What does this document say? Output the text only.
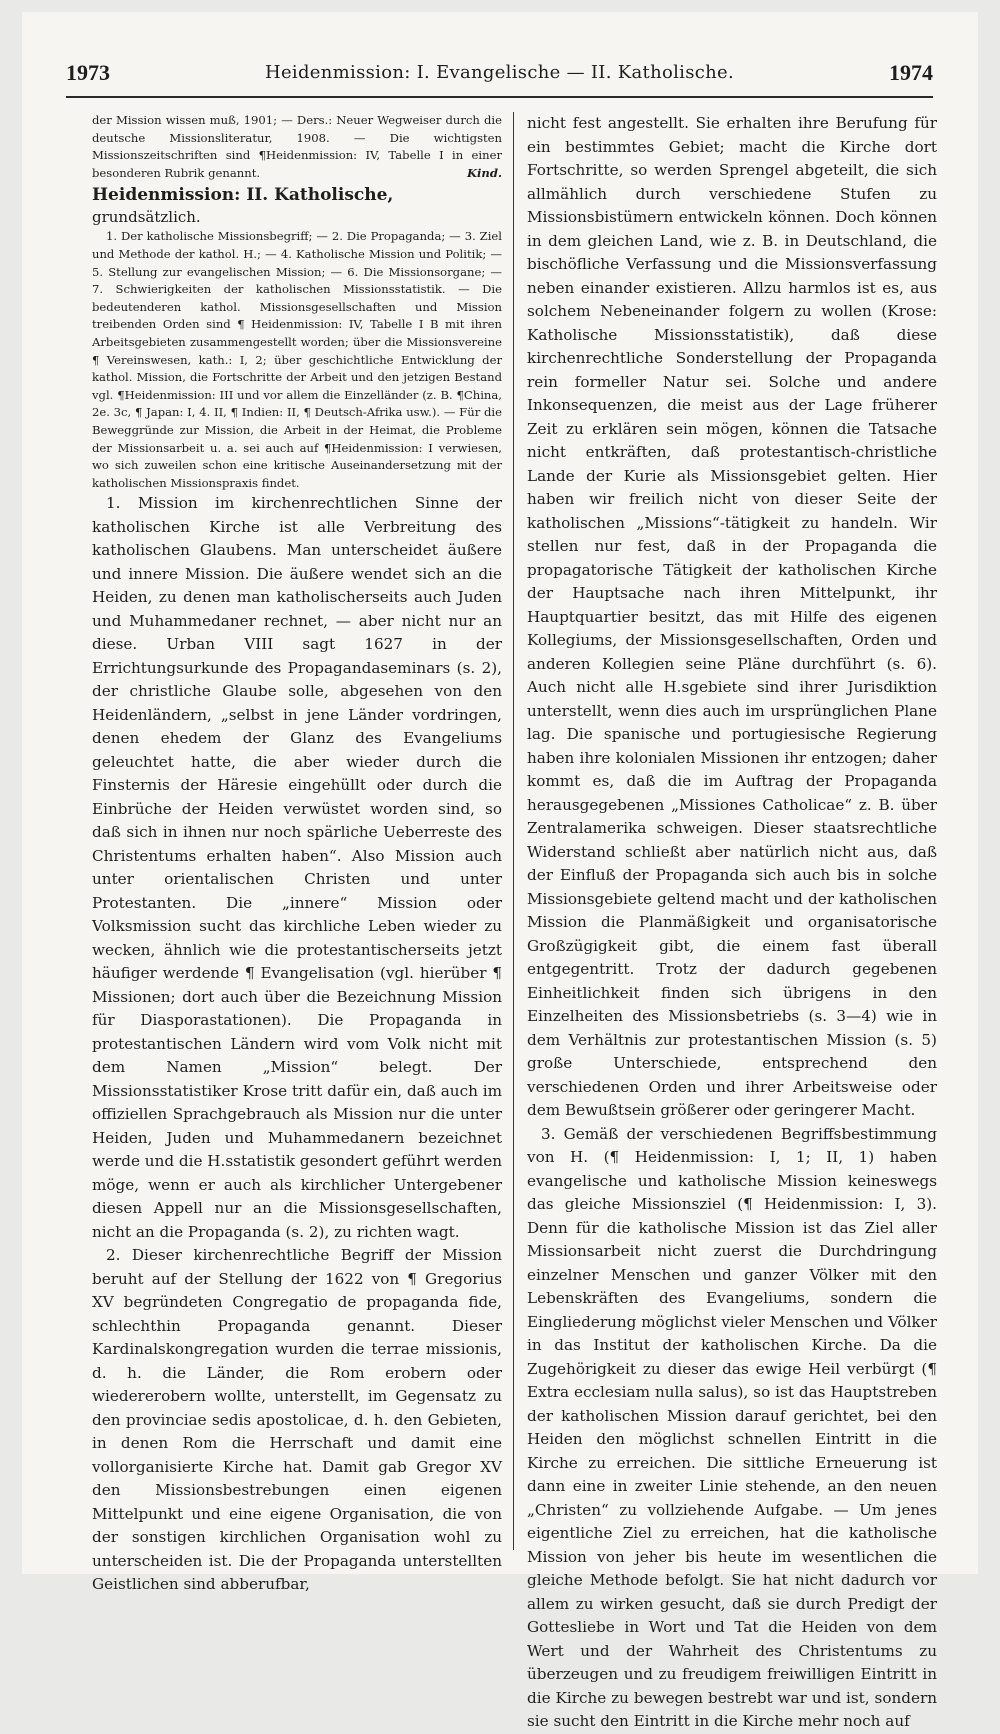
1973	Heidenmission: I. Evangelische — II. Katholische.	1974

der Mission wissen muß, 1901; — Ders.: Neuer Wegweiser durch die deutsche Missionsliteratur, 1908. — Die wichtigsten Missionszeitschriften sind ¶Heidenmission: IV, Tabelle I in einer besonderen Rubrik genannt.	Kind.

Heidenmission: II. Katholische, grundsätzlich.

1. Der katholische Missionsbegriff; — 2. Die Propaganda; — 3. Ziel und Methode der kathol. H.; — 4. Katholische Mission und Politik; — 5. Stellung zur evangelischen Mission; — 6. Die Missionsorgane; — 7. Schwierigkeiten der katholischen Missionsstatistik. — Die bedeutenderen kathol. Missionsgesellschaften und Mission treibenden Orden sind ¶ Heidenmission: IV, Tabelle I B mit ihren Arbeitsgebieten zusammengestellt worden; über die Missionsvereine ¶ Vereinswesen, kath.: I, 2; über geschichtliche Entwicklung der kathol. Mission, die Fortschritte der Arbeit und den jetzigen Bestand vgl. ¶Heidenmission: III und vor allem die Einzelländer (z. B. ¶China, 2e. 3c, ¶ Japan: I, 4. II, ¶ Indien: II, ¶ Deutsch-Afrika usw.). — Für die Beweggründe zur Mission, die Arbeit in der Heimat, die Probleme der Missionsarbeit u. a. sei auch auf ¶Heidenmission: I verwiesen, wo sich zuweilen schon eine kritische Auseinandersetzung mit der katholischen Missionspraxis findet.

1. Mission im kirchenrechtlichen Sinne der katholischen Kirche ist alle Verbreitung des katholischen Glaubens. Man unterscheidet äußere und innere Mission. Die äußere wendet sich an die Heiden, zu denen man katholischerseits auch Juden und Muhammedaner rechnet, — aber nicht nur an diese. Urban VIII sagt 1627 in der Errichtungsurkunde des Propagandaseminars (s. 2), der christliche Glaube solle, abgesehen von den Heidenländern, „selbst in jene Länder vordringen, denen ehedem der Glanz des Evangeliums geleuchtet hatte, die aber wieder durch die Finsternis der Häresie eingehüllt oder durch die Einbrüche der Heiden verwüstet worden sind, so daß sich in ihnen nur noch spärliche Ueberreste des Christentums erhalten haben“. Also Mission auch unter orientalischen Christen und unter Protestanten. Die „innere“ Mission oder Volksmission sucht das kirchliche Leben wieder zu wecken, ähnlich wie die protestantischerseits jetzt häufiger werdende ¶ Evangelisation (vgl. hierüber ¶ Missionen; dort auch über die Bezeichnung Mission für Diasporastationen). Die Propaganda in protestantischen Ländern wird vom Volk nicht mit dem Namen „Mission“ belegt. Der Missionsstatistiker Krose tritt dafür ein, daß auch im offiziellen Sprachgebrauch als Mission nur die unter Heiden, Juden und Muhammedanern bezeichnet werde und die H.sstatistik gesondert geführt werden möge, wenn er auch als kirchlicher Untergebener diesen Appell nur an die Missionsgesellschaften, nicht an die Propaganda (s. 2), zu richten wagt.

2. Dieser kirchenrechtliche Begriff der Mission beruht auf der Stellung der 1622 von ¶ Gregorius XV begründeten Congregatio de propaganda fide, schlechthin Propaganda genannt. Dieser Kardinalskongregation wurden die terrae missionis, d. h. die Länder, die Rom erobern oder wiedererobern wollte, unterstellt, im Gegensatz zu den provinciae sedis apostolicae, d. h. den Gebieten, in denen Rom die Herrschaft und damit eine vollorganisierte Kirche hat. Damit gab Gregor XV den Missionsbestrebungen einen eigenen Mittelpunkt und eine eigene Organisation, die von der sonstigen kirchlichen Organisation wohl zu unterscheiden ist. Die der Propaganda unterstellten Geistlichen sind abberufbar,

nicht fest angestellt. Sie erhalten ihre Berufung für ein bestimmtes Gebiet; macht die Kirche dort Fortschritte, so werden Sprengel abgeteilt, die sich allmählich durch verschiedene Stufen zu Missionsbistümern entwickeln können. Doch können in dem gleichen Land, wie z. B. in Deutschland, die bischöfliche Verfassung und die Missionsverfassung neben einander existieren. Allzu harmlos ist es, aus solchem Nebeneinander folgern zu wollen (Krose: Katholische Missionsstatistik), daß diese kirchenrechtliche Sonderstellung der Propaganda rein formeller Natur sei. Solche und andere Inkonsequenzen, die meist aus der Lage früherer Zeit zu erklären sein mögen, können die Tatsache nicht entkräften, daß protestantisch-christliche Lande der Kurie als Missionsgebiet gelten. Hier haben wir freilich nicht von dieser Seite der katholischen „Missions“-tätigkeit zu handeln. Wir stellen nur fest, daß in der Propaganda die propagatorische Tätigkeit der katholischen Kirche der Hauptsache nach ihren Mittelpunkt, ihr Hauptquartier besitzt, das mit Hilfe des eigenen Kollegiums, der Missionsgesellschaften, Orden und anderen Kollegien seine Pläne durchführt (s. 6). Auch nicht alle H.sgebiete sind ihrer Jurisdiktion unterstellt, wenn dies auch im ursprünglichen Plane lag. Die spanische und portugiesische Regierung haben ihre kolonialen Missionen ihr entzogen; daher kommt es, daß die im Auftrag der Propaganda herausgegebenen „Missiones Catholicae“ z. B. über Zentralamerika schweigen. Dieser staatsrechtliche Widerstand schließt aber natürlich nicht aus, daß der Einfluß der Propaganda sich auch bis in solche Missionsgebiete geltend macht und der katholischen Mission die Planmäßigkeit und organisatorische Großzügigkeit gibt, die einem fast überall entgegentritt. Trotz der dadurch gegebenen Einheitlichkeit finden sich übrigens in den Einzelheiten des Missionsbetriebs (s. 3—4) wie in dem Verhältnis zur protestantischen Mission (s. 5) große Unterschiede, entsprechend den verschiedenen Orden und ihrer Arbeitsweise oder dem Bewußtsein größerer oder geringerer Macht.

3. Gemäß der verschiedenen Begriffsbestimmung von H. (¶ Heidenmission: I, 1; II, 1) haben evangelische und katholische Mission keineswegs das gleiche Missionsziel (¶ Heidenmission: I, 3). Denn für die katholische Mission ist das Ziel aller Missionsarbeit nicht zuerst die Durchdringung einzelner Menschen und ganzer Völker mit den Lebenskräften des Evangeliums, sondern die Eingliederung möglichst vieler Menschen und Völker in das Institut der katholischen Kirche. Da die Zugehörigkeit zu dieser das ewige Heil verbürgt (¶ Extra ecclesiam nulla salus), so ist das Hauptstreben der katholischen Mission darauf gerichtet, bei den Heiden den möglichst schnellen Eintritt in die Kirche zu erreichen. Die sittliche Erneuerung ist dann eine in zweiter Linie stehende, an den neuen „Christen“ zu vollziehende Aufgabe. — Um jenes eigentliche Ziel zu erreichen, hat die katholische Mission von jeher bis heute im wesentlichen die gleiche Methode befolgt. Sie hat nicht dadurch vor allem zu wirken gesucht, daß sie durch Predigt der Gottesliebe in Wort und Tat die Heiden von dem Wert und der Wahrheit des Christentums zu überzeugen und zu freudigem freiwilligen Eintritt in die Kirche zu bewegen bestrebt war und ist, sondern sie sucht den Eintritt in die Kirche mehr noch auf
